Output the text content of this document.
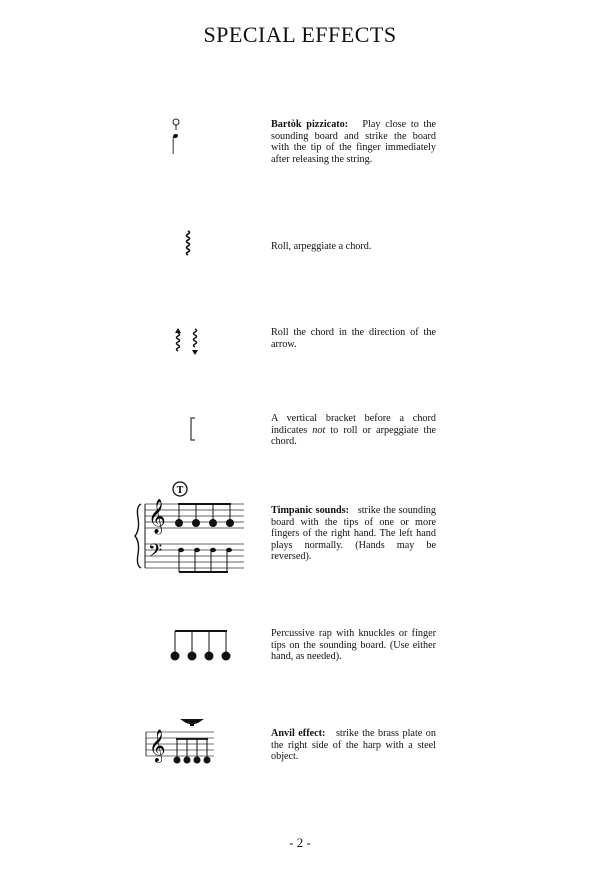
SPECIAL EFFECTS
Bartòk pizzicato: Play close to the sounding board and strike the board with the tip of the finger immediately after releasing the string.
Roll, arpeggiate a chord.
Roll the chord in the direction of the arrow.
A vertical bracket before a chord indicates not to roll or arpeggiate the chord.
T
𝄞
𝄢
Timpanic sounds: strike the sounding board with the tips of one or more fingers of the right hand. The left hand plays normally. (Hands may be reversed).
Percussive rap with knuckles or finger tips on the sounding board. (Use either hand, as needed).
𝄞	Anvil effect: strike the brass plate on the right side of the harp with a steel object.
- 2 -
